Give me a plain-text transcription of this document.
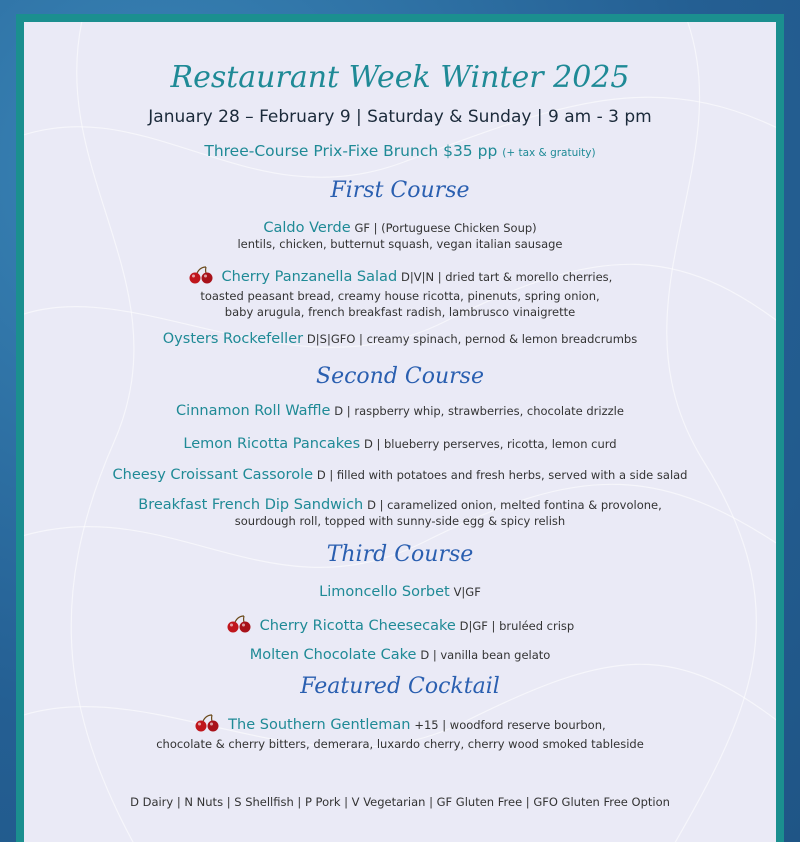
Restaurant Week Winter 2025
January 28 – February 9 | Saturday & Sunday | 9 am - 3 pm
Three-Course Prix-Fixe Brunch $35 pp (+ tax & gratuity)
First Course
Caldo Verde GF | (Portuguese Chicken Soup)
lentils, chicken, butternut squash, vegan italian sausage
Cherry Panzanella Salad D|V|N | dried tart & morello cherries,
toasted peasant bread, creamy house ricotta, pinenuts, spring onion,
baby arugula, french breakfast radish, lambrusco vinaigrette
Oysters Rockefeller D|S|GFO | creamy spinach, pernod & lemon breadcrumbs
Second Course
Cinnamon Roll Waffle D | raspberry whip, strawberries, chocolate drizzle
Lemon Ricotta Pancakes D | blueberry perserves, ricotta, lemon curd
Cheesy Croissant Cassorole D | filled with potatoes and fresh herbs, served with a side salad
Breakfast French Dip Sandwich D | caramelized onion, melted fontina & provolone,
sourdough roll, topped with sunny-side egg & spicy relish
Third Course
Limoncello Sorbet V|GF
Cherry Ricotta Cheesecake D|GF | bruléed crisp
Molten Chocolate Cake D | vanilla bean gelato
Featured Cocktail
The Southern Gentleman +15 | woodford reserve bourbon,
chocolate & cherry bitters, demerara, luxardo cherry, cherry wood smoked tableside
D Dairy | N Nuts | S Shellfish | P Pork | V Vegetarian | GF Gluten Free | GFO Gluten Free Option
